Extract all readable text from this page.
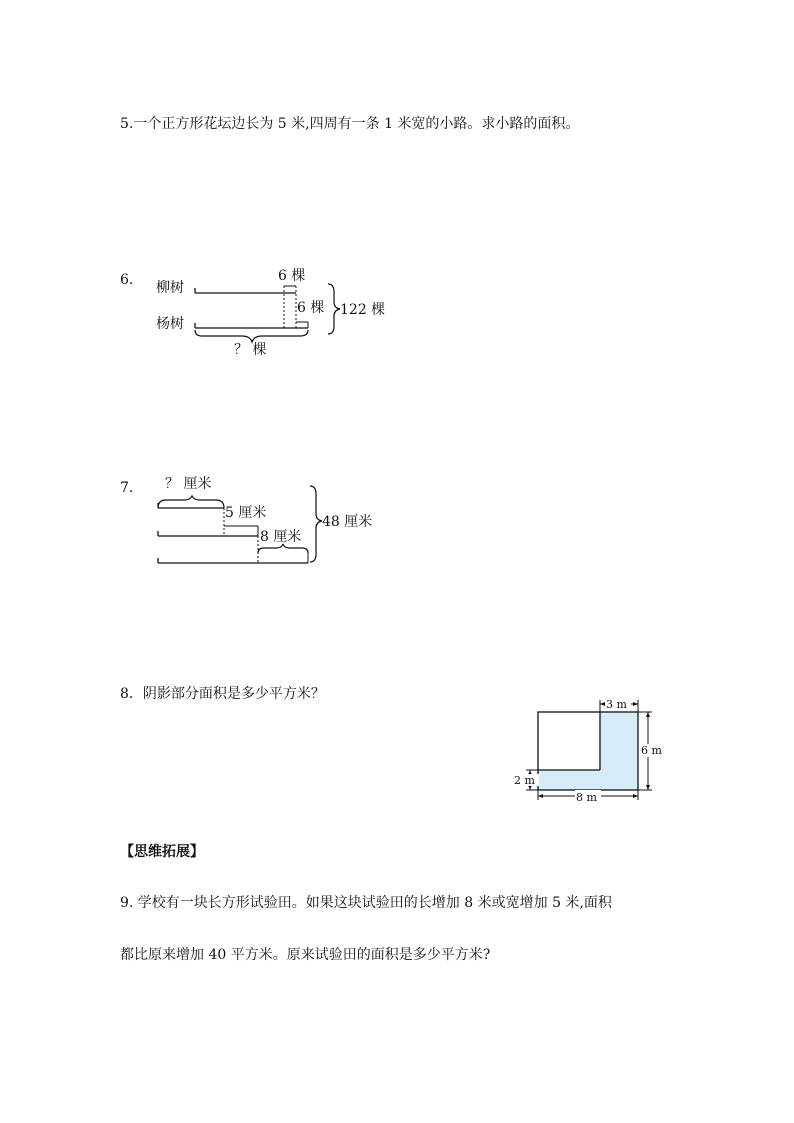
5.一个正方形花坛边长为 5 米,四周有一条 1 米宽的小路。求小路的面积。
6. 柳树
杨树
6 棵
6 棵 122 棵
？ 棵
7. ？ 厘米
5 厘米
8 厘米
48 厘米
8．阴影部分面积是多少平方米？
3 m
6 m
2 m
8 m
【思维拓展】
9. 学校有一块长方形试验田。如果这块试验田的长增加 8 米或宽增加 5 米,面积
都比原来增加 40 平方米。原来试验田的面积是多少平方米?
